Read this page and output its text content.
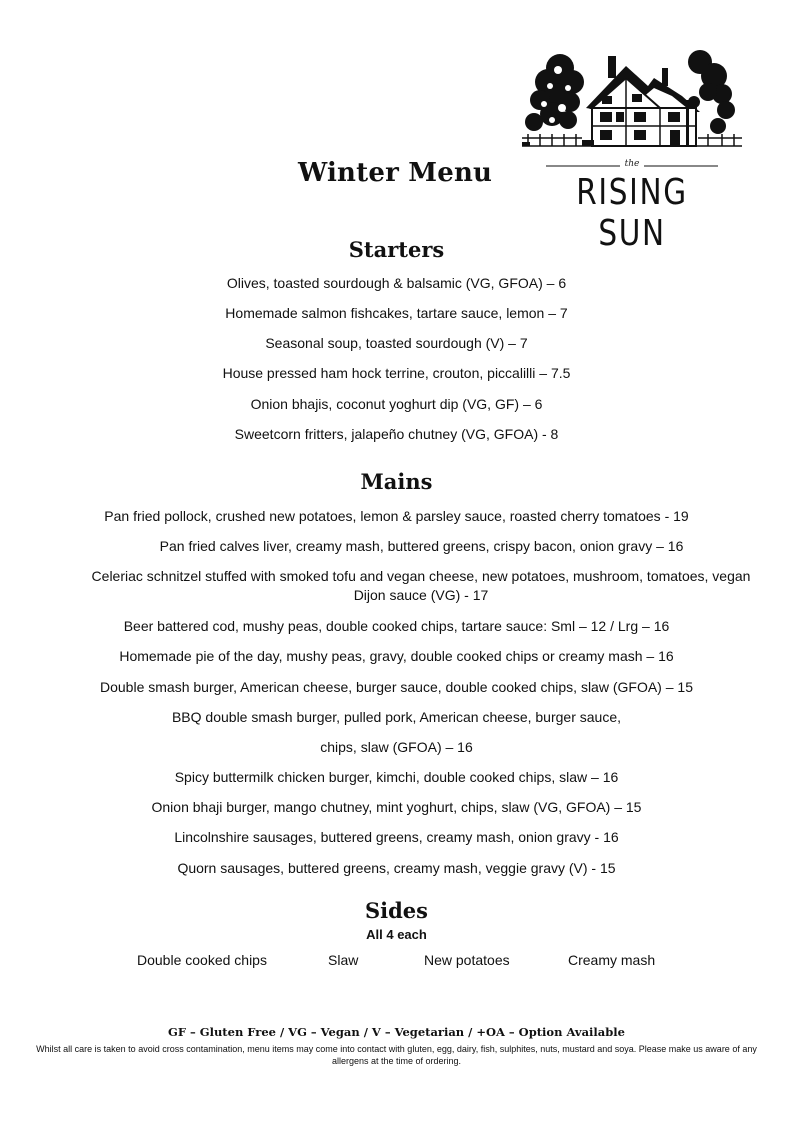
Winter Menu	the
RISING SUN
Starters
Olives, toasted sourdough & balsamic (VG, GFOA) – 6
Homemade salmon fishcakes, tartare sauce, lemon – 7
Seasonal soup, toasted sourdough (V) – 7
House pressed ham hock terrine, crouton, piccalilli – 7.5
Onion bhajis, coconut yoghurt dip (VG, GF) – 6
Sweetcorn fritters, jalapeño chutney (VG, GFOA) - 8
Mains
Pan fried pollock, crushed new potatoes, lemon & parsley sauce, roasted cherry tomatoes - 19
Pan fried calves liver, creamy mash, buttered greens, crispy bacon, onion gravy – 16
Celeriac schnitzel stuffed with smoked tofu and vegan cheese, new potatoes, mushroom, tomatoes, vegan Dijon sauce (VG) - 17
Beer battered cod, mushy peas, double cooked chips, tartare sauce: Sml – 12 / Lrg – 16
Homemade pie of the day, mushy peas, gravy, double cooked chips or creamy mash – 16
Double smash burger, American cheese, burger sauce, double cooked chips, slaw (GFOA) – 15
BBQ double smash burger, pulled pork, American cheese, burger sauce,
chips, slaw (GFOA) – 16
Spicy buttermilk chicken burger, kimchi, double cooked chips, slaw – 16
Onion bhaji burger, mango chutney, mint yoghurt, chips, slaw (VG, GFOA) – 15
Lincolnshire sausages, buttered greens, creamy mash, onion gravy - 16
Quorn sausages, buttered greens, creamy mash, veggie gravy (V) - 15
Sides
All 4 each
Double cooked chips	Slaw	New potatoes	Creamy mash
GF – Gluten Free / VG – Vegan / V – Vegetarian / +OA – Option Available
Whilst all care is taken to avoid cross contamination, menu items may come into contact with gluten, egg, dairy, fish, sulphites, nuts, mustard and soya. Please make us aware of any allergens at the time of ordering.
